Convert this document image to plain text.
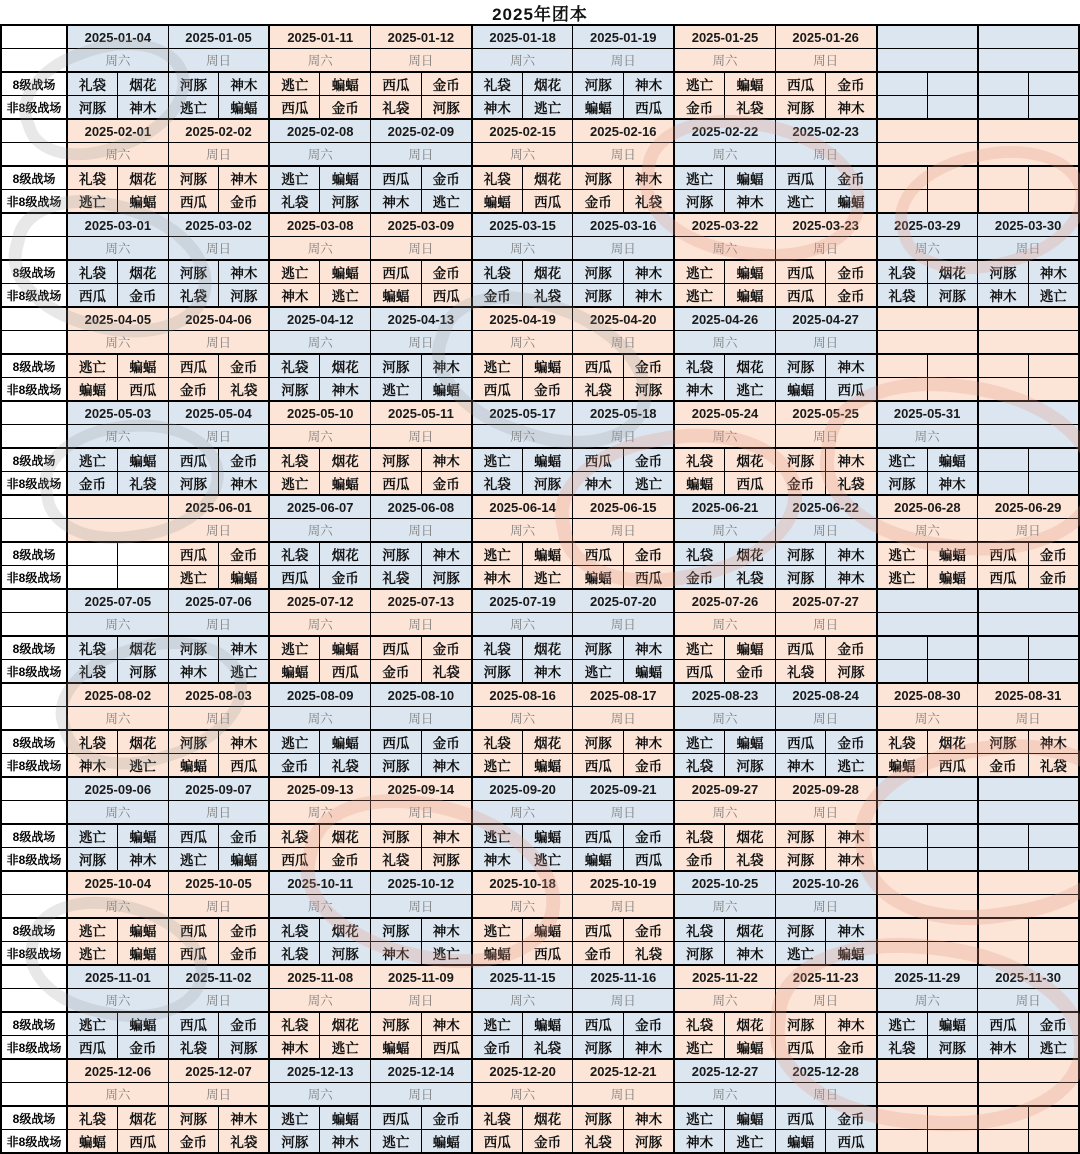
2025年团本
	2025-01-04		2025-01-05		2025-01-11		2025-01-12		2025-01-18		2025-01-19		2025-01-25		2025-01-26					
	周六		周日		周六		周日		周六		周日		周六		周日					
8级战场	礼袋	烟花	河豚	神木	逃亡	蝙蝠	西瓜	金币	礼袋	烟花	河豚	神木	逃亡	蝙蝠	西瓜	金币				
非8级战场	河豚	神木	逃亡	蝙蝠	西瓜	金币	礼袋	河豚	神木	逃亡	蝙蝠	西瓜	金币	礼袋	河豚	神木				
	2025-02-01		2025-02-02		2025-02-08		2025-02-09		2025-02-15		2025-02-16		2025-02-22		2025-02-23					
	周六		周日		周六		周日		周六		周日		周六		周日					
8级战场	礼袋	烟花	河豚	神木	逃亡	蝙蝠	西瓜	金币	礼袋	烟花	河豚	神木	逃亡	蝙蝠	西瓜	金币				
非8级战场	逃亡	蝙蝠	西瓜	金币	礼袋	河豚	神木	逃亡	蝙蝠	西瓜	金币	礼袋	河豚	神木	逃亡	蝙蝠				
	2025-03-01		2025-03-02		2025-03-08		2025-03-09		2025-03-15		2025-03-16		2025-03-22		2025-03-23		2025-03-29		2025-03-30	
	周六		周日		周六		周日		周六		周日		周六		周日		周六		周日	
8级战场	礼袋	烟花	河豚	神木	逃亡	蝙蝠	西瓜	金币	礼袋	烟花	河豚	神木	逃亡	蝙蝠	西瓜	金币	礼袋	烟花	河豚	神木
非8级战场	西瓜	金币	礼袋	河豚	神木	逃亡	蝙蝠	西瓜	金币	礼袋	河豚	神木	逃亡	蝙蝠	西瓜	金币	礼袋	河豚	神木	逃亡
	2025-04-05		2025-04-06		2025-04-12		2025-04-13		2025-04-19		2025-04-20		2025-04-26		2025-04-27					
	周六		周日		周六		周日		周六		周日		周六		周日					
8级战场	逃亡	蝙蝠	西瓜	金币	礼袋	烟花	河豚	神木	逃亡	蝙蝠	西瓜	金币	礼袋	烟花	河豚	神木				
非8级战场	蝙蝠	西瓜	金币	礼袋	河豚	神木	逃亡	蝙蝠	西瓜	金币	礼袋	河豚	神木	逃亡	蝙蝠	西瓜				
	2025-05-03		2025-05-04		2025-05-10		2025-05-11		2025-05-17		2025-05-18		2025-05-24		2025-05-25		2025-05-31			
	周六		周日		周六		周日		周六		周日		周六		周日		周六			
8级战场	逃亡	蝙蝠	西瓜	金币	礼袋	烟花	河豚	神木	逃亡	蝙蝠	西瓜	金币	礼袋	烟花	河豚	神木	逃亡	蝙蝠		
非8级战场	金币	礼袋	河豚	神木	逃亡	蝙蝠	西瓜	金币	礼袋	河豚	神木	逃亡	蝙蝠	西瓜	金币	礼袋	河豚	神木		
			2025-06-01		2025-06-07		2025-06-08		2025-06-14		2025-06-15		2025-06-21		2025-06-22		2025-06-28		2025-06-29	
			周日		周六		周日		周六		周日		周六		周日		周六		周日	
8级战场			西瓜	金币	礼袋	烟花	河豚	神木	逃亡	蝙蝠	西瓜	金币	礼袋	烟花	河豚	神木	逃亡	蝙蝠	西瓜	金币
非8级战场			逃亡	蝙蝠	西瓜	金币	礼袋	河豚	神木	逃亡	蝙蝠	西瓜	金币	礼袋	河豚	神木	逃亡	蝙蝠	西瓜	金币
	2025-07-05		2025-07-06		2025-07-12		2025-07-13		2025-07-19		2025-07-20		2025-07-26		2025-07-27					
	周六		周日		周六		周日		周六		周日		周六		周日					
8级战场	礼袋	烟花	河豚	神木	逃亡	蝙蝠	西瓜	金币	礼袋	烟花	河豚	神木	逃亡	蝙蝠	西瓜	金币				
非8级战场	礼袋	河豚	神木	逃亡	蝙蝠	西瓜	金币	礼袋	河豚	神木	逃亡	蝙蝠	西瓜	金币	礼袋	河豚				
	2025-08-02		2025-08-03		2025-08-09		2025-08-10		2025-08-16		2025-08-17		2025-08-23		2025-08-24		2025-08-30		2025-08-31	
	周六		周日		周六		周日		周六		周日		周六		周日		周六		周日	
8级战场	礼袋	烟花	河豚	神木	逃亡	蝙蝠	西瓜	金币	礼袋	烟花	河豚	神木	逃亡	蝙蝠	西瓜	金币	礼袋	烟花	河豚	神木
非8级战场	神木	逃亡	蝙蝠	西瓜	金币	礼袋	河豚	神木	逃亡	蝙蝠	西瓜	金币	礼袋	河豚	神木	逃亡	蝙蝠	西瓜	金币	礼袋
	2025-09-06		2025-09-07		2025-09-13		2025-09-14		2025-09-20		2025-09-21		2025-09-27		2025-09-28					
	周六		周日		周六		周日		周六		周日		周六		周日					
8级战场	逃亡	蝙蝠	西瓜	金币	礼袋	烟花	河豚	神木	逃亡	蝙蝠	西瓜	金币	礼袋	烟花	河豚	神木				
非8级战场	河豚	神木	逃亡	蝙蝠	西瓜	金币	礼袋	河豚	神木	逃亡	蝙蝠	西瓜	金币	礼袋	河豚	神木				
	2025-10-04		2025-10-05		2025-10-11		2025-10-12		2025-10-18		2025-10-19		2025-10-25		2025-10-26					
	周六		周日		周六		周日		周六		周日		周六		周日					
8级战场	逃亡	蝙蝠	西瓜	金币	礼袋	烟花	河豚	神木	逃亡	蝙蝠	西瓜	金币	礼袋	烟花	河豚	神木				
非8级战场	逃亡	蝙蝠	西瓜	金币	礼袋	河豚	神木	逃亡	蝙蝠	西瓜	金币	礼袋	河豚	神木	逃亡	蝙蝠				
	2025-11-01		2025-11-02		2025-11-08		2025-11-09		2025-11-15		2025-11-16		2025-11-22		2025-11-23		2025-11-29		2025-11-30	
	周六		周日		周六		周日		周六		周日		周六		周日		周六		周日	
8级战场	逃亡	蝙蝠	西瓜	金币	礼袋	烟花	河豚	神木	逃亡	蝙蝠	西瓜	金币	礼袋	烟花	河豚	神木	逃亡	蝙蝠	西瓜	金币
非8级战场	西瓜	金币	礼袋	河豚	神木	逃亡	蝙蝠	西瓜	金币	礼袋	河豚	神木	逃亡	蝙蝠	西瓜	金币	礼袋	河豚	神木	逃亡
	2025-12-06		2025-12-07		2025-12-13		2025-12-14		2025-12-20		2025-12-21		2025-12-27		2025-12-28					
	周六		周日		周六		周日		周六		周日		周六		周日					
8级战场	礼袋	烟花	河豚	神木	逃亡	蝙蝠	西瓜	金币	礼袋	烟花	河豚	神木	逃亡	蝙蝠	西瓜	金币				
非8级战场	蝙蝠	西瓜	金币	礼袋	河豚	神木	逃亡	蝙蝠	西瓜	金币	礼袋	河豚	神木	逃亡	蝙蝠	西瓜				
